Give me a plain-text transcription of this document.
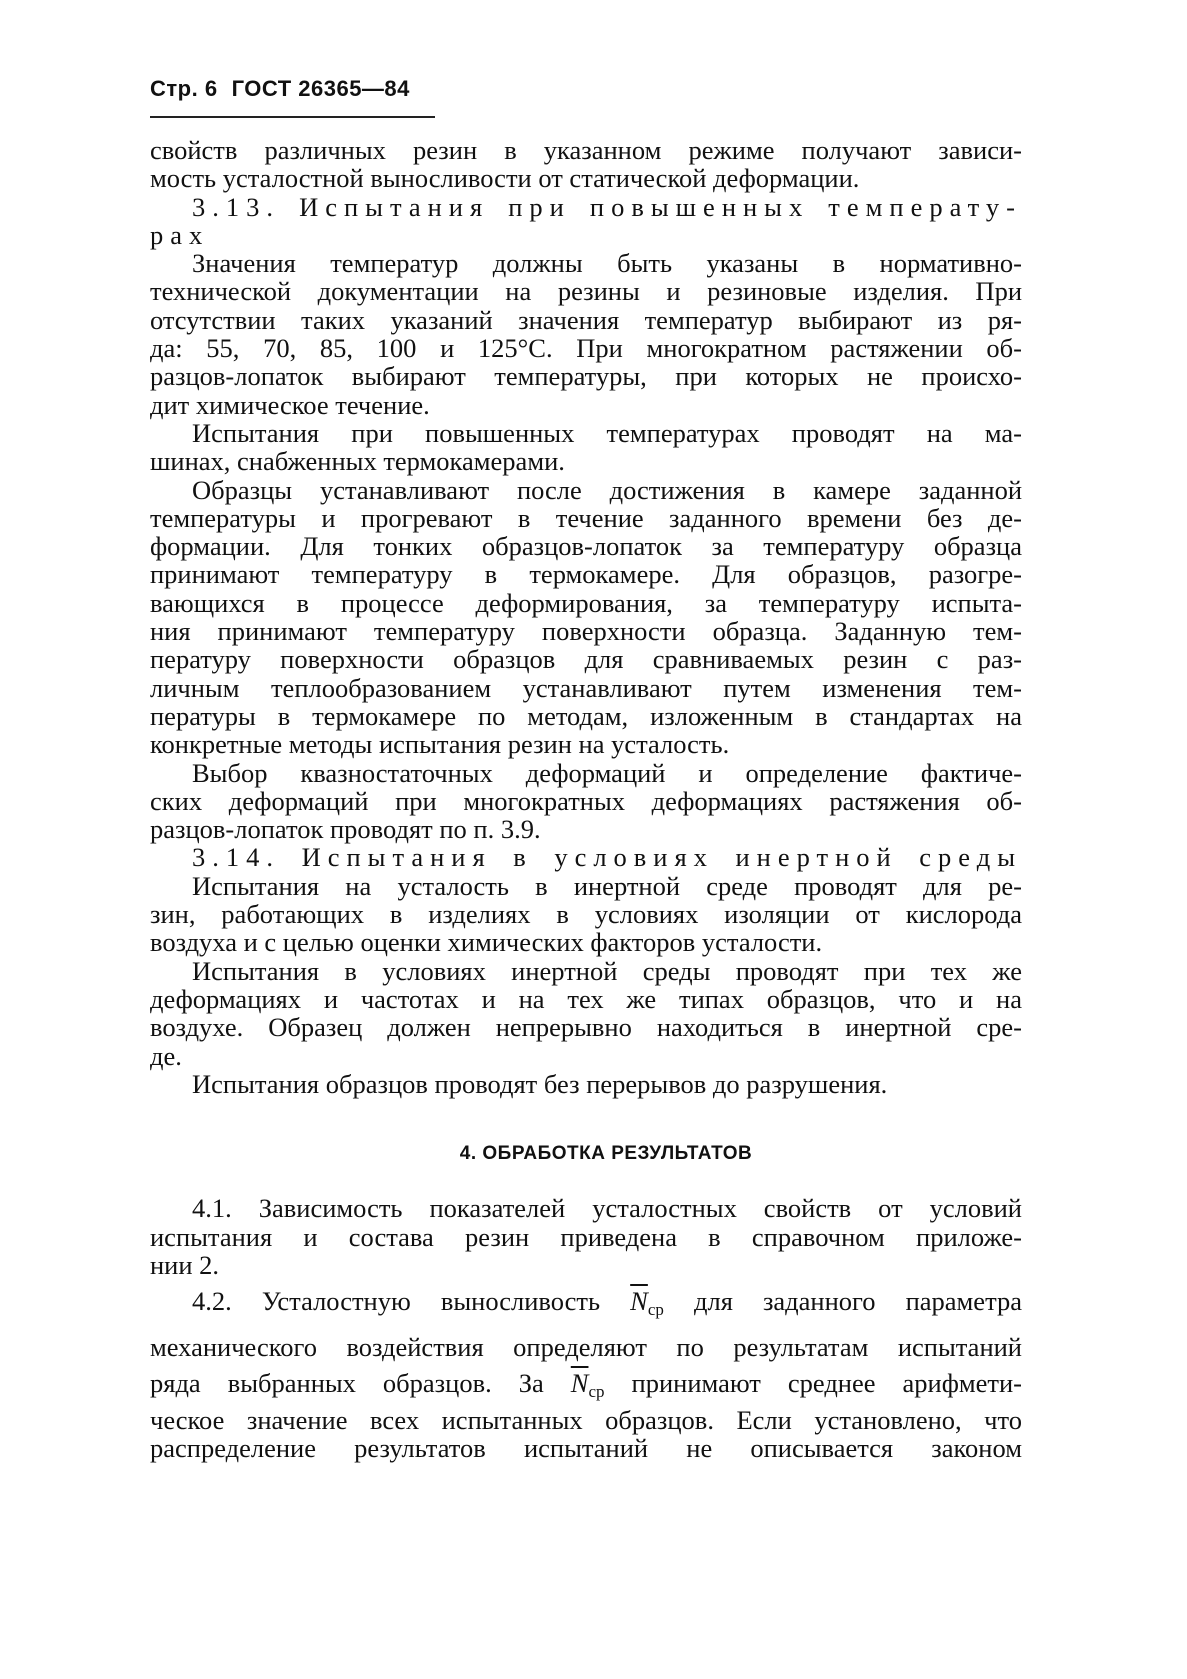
Стр. 6 ГОСТ 26365—84
свойств различных резин в указанном режиме получают зависи-
мость усталостной выносливости от статической деформации.
3.13. Испытания при повышенных температу-
рах
Значения температур должны быть указаны в нормативно-
технической документации на резины и резиновые изделия. При
отсутствии таких указаний значения температур выбирают из ря-
да: 55, 70, 85, 100 и 125°С. При многократном растяжении об-
разцов-лопаток выбирают температуры, при которых не происхо-
дит химическое течение.
Испытания при повышенных температурах проводят на ма-
шинах, снабженных термокамерами.
Образцы устанавливают после достижения в камере заданной
температуры и прогревают в течение заданного времени без де-
формации. Для тонких образцов-лопаток за температуру образца
принимают температуру в термокамере. Для образцов, разогре-
вающихся в процессе деформирования, за температуру испыта-
ния принимают температуру поверхности образца. Заданную тем-
пературу поверхности образцов для сравниваемых резин с раз-
личным теплообразованием устанавливают путем изменения тем-
пературы в термокамере по методам, изложенным в стандартах на
конкретные методы испытания резин на усталость.
Выбор квазностаточных деформаций и определение фактиче-
ских деформаций при многократных деформациях растяжения об-
разцов-лопаток проводят по п. 3.9.
3.14. Испытания в условиях инертной среды
Испытания на усталость в инертной среде проводят для ре-
зин, работающих в изделиях в условиях изоляции от кислорода
воздуха и с целью оценки химических факторов усталости.
Испытания в условиях инертной среды проводят при тех же
деформациях и частотах и на тех же типах образцов, что и на
воздухе. Образец должен непрерывно находиться в инертной сре-
де.
Испытания образцов проводят без перерывов до разрушения.
4. ОБРАБОТКА РЕЗУЛЬТАТОВ
4.1. Зависимость показателей усталостных свойств от условий
испытания и состава резин приведена в справочном приложе-
нии 2.
4.2. Усталостную выносливость $\overline{N}_{ср}$ для заданного параметра
механического воздействия определяют по результатам испытаний
ряда выбранных образцов. За $\overline{N}_{ср}$ принимают среднее арифмети-
ческое значение всех испытанных образцов. Если установлено, что
распределение результатов испытаний не описывается законом
